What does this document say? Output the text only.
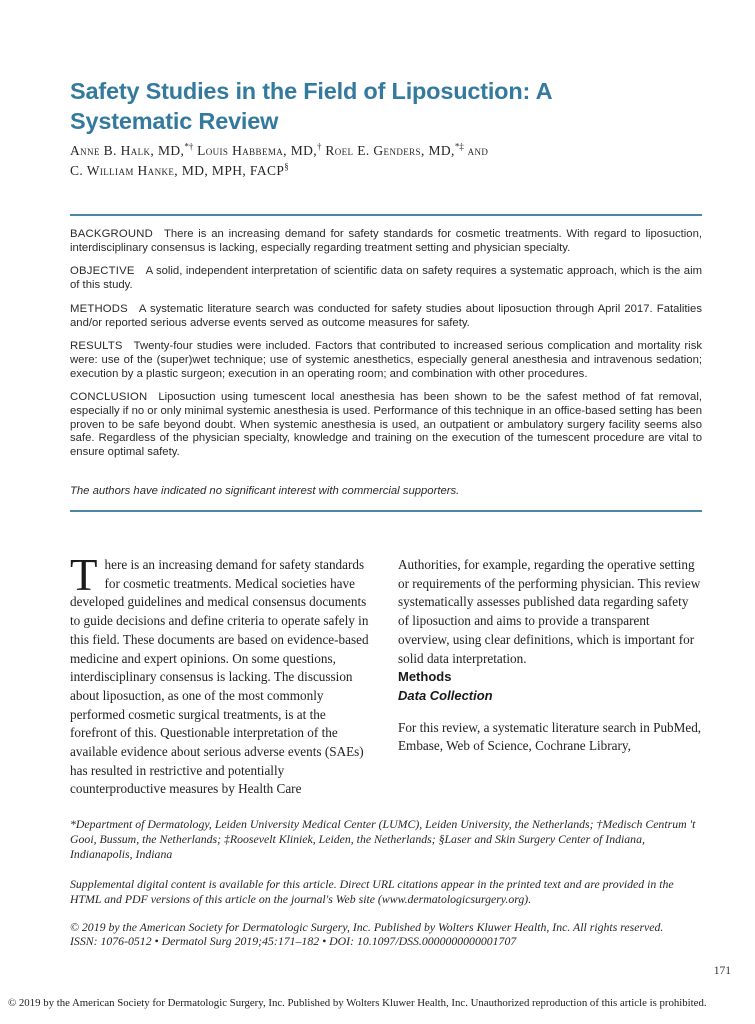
Safety Studies in the Field of Liposuction: A
Systematic Review
Anne B. Halk, MD,*† Louis Habbema, MD,† Roel E. Genders, MD,*‡ and
C. William Hanke, MD, MPH, FACP§

BACKGROUND There is an increasing demand for safety standards for cosmetic treatments. With regard to liposuction, interdisciplinary consensus is lacking, especially regarding treatment setting and physician specialty.

OBJECTIVE A solid, independent interpretation of scientific data on safety requires a systematic approach, which is the aim of this study.

METHODS A systematic literature search was conducted for safety studies about liposuction through April 2017. Fatalities and/or reported serious adverse events served as outcome measures for safety.

RESULTS Twenty-four studies were included. Factors that contributed to increased serious complication and mortality risk were: use of the (super)wet technique; use of systemic anesthetics, especially general anesthesia and intravenous sedation; execution by a plastic surgeon; execution in an operating room; and combination with other procedures.

CONCLUSION Liposuction using tumescent local anesthesia has been shown to be the safest method of fat removal, especially if no or only minimal systemic anesthesia is used. Performance of this technique in an office-based setting has been proven to be safe beyond doubt. When systemic anesthesia is used, an outpatient or ambulatory surgery facility seems also safe. Regardless of the physician specialty, knowledge and training on the execution of the tumescent procedure are vital to ensure optimal safety.

The authors have indicated no significant interest with commercial supporters.

There is an increasing demand for safety standards for cosmetic treatments. Medical societies have developed guidelines and medical consensus documents to guide decisions and define criteria to operate safely in this field. These documents are based on evidence-based medicine and expert opinions. On some questions, interdisciplinary consensus is lacking. The discussion about liposuction, as one of the most commonly performed cosmetic surgical treatments, is at the forefront of this. Questionable interpretation of the available evidence about serious adverse events (SAEs) has resulted in restrictive and potentially counterproductive measures by Health Care

Authorities, for example, regarding the operative setting or requirements of the performing physician. This review systematically assesses published data regarding safety of liposuction and aims to provide a transparent overview, using clear definitions, which is important for solid data interpretation.

Methods

Data Collection

For this review, a systematic literature search in PubMed, Embase, Web of Science, Cochrane Library,

*Department of Dermatology, Leiden University Medical Center (LUMC), Leiden University, the Netherlands; †Medisch Centrum 't Gooi, Bussum, the Netherlands; ‡Roosevelt Kliniek, Leiden, the Netherlands; §Laser and Skin Surgery Center of Indiana, Indianapolis, Indiana

Supplemental digital content is available for this article. Direct URL citations appear in the printed text and are provided in the HTML and PDF versions of this article on the journal's Web site (www.dermatologicsurgery.org).

© 2019 by the American Society for Dermatologic Surgery, Inc. Published by Wolters Kluwer Health, Inc. All rights reserved.
ISSN: 1076-0512 • Dermatol Surg 2019;45:171–182 • DOI: 10.1097/DSS.0000000000001707

171
© 2019 by the American Society for Dermatologic Surgery, Inc. Published by Wolters Kluwer Health, Inc. Unauthorized reproduction of this article is prohibited.
